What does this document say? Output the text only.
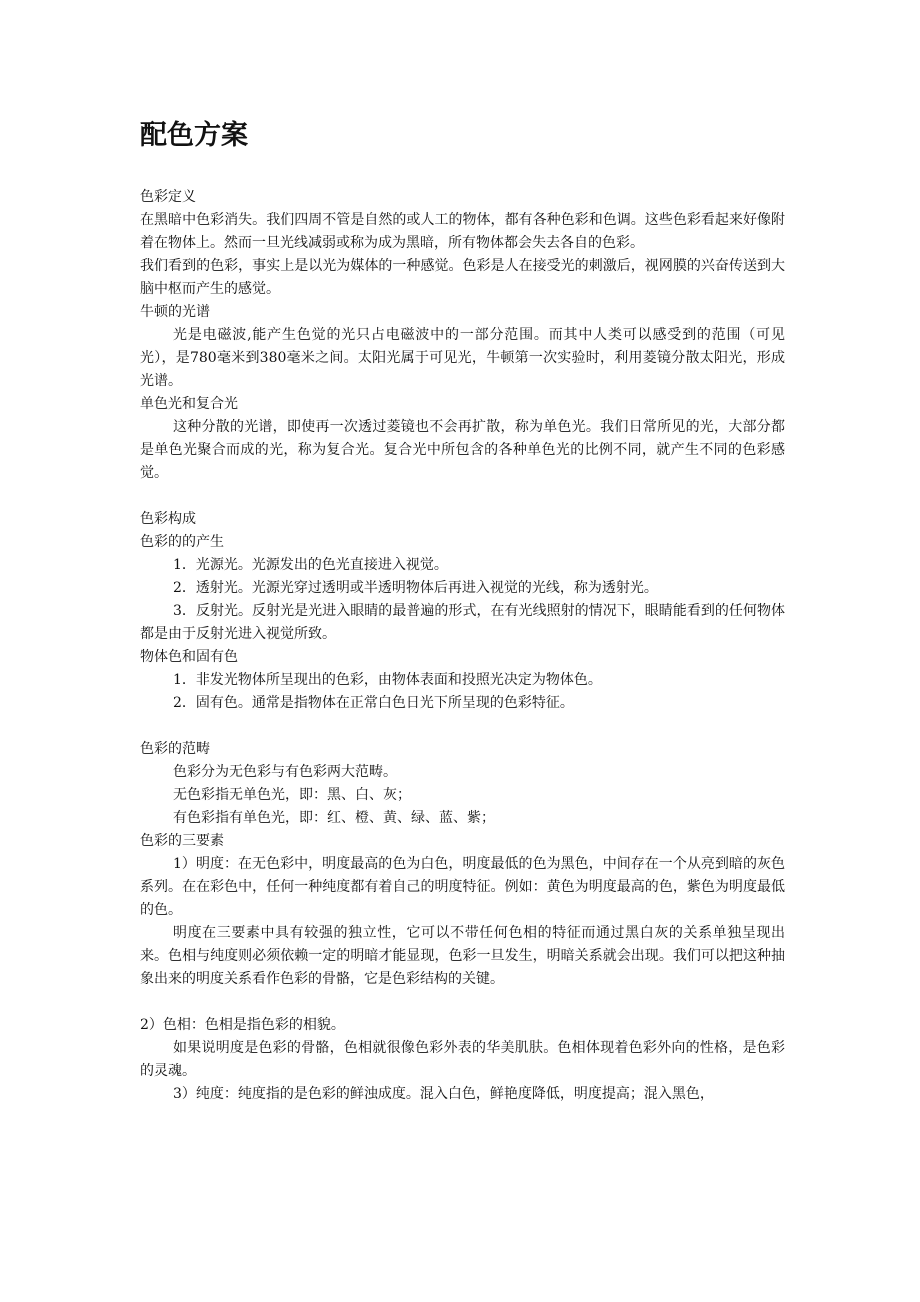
配色方案

色彩定义

在黑暗中色彩消失。我们四周不管是自然的或人工的物体，都有各种色彩和色调。这些色彩看起来好像附着在物体上。然而一旦光线减弱或称为成为黑暗，所有物体都会失去各自的色彩。

我们看到的色彩，事实上是以光为媒体的一种感觉。色彩是人在接受光的刺激后，视网膜的兴奋传送到大脑中枢而产生的感觉。

牛顿的光谱

光是电磁波,能产生色觉的光只占电磁波中的一部分范围。而其中人类可以感受到的范围（可见光），是780毫米到380毫米之间。太阳光属于可见光，牛顿第一次实验时，利用菱镜分散太阳光，形成光谱。

单色光和复合光

这种分散的光谱，即使再一次透过菱镜也不会再扩散，称为单色光。我们日常所见的光，大部分都是单色光聚合而成的光，称为复合光。复合光中所包含的各种单色光的比例不同，就产生不同的色彩感觉。

色彩构成

色彩的的产生

1．光源光。光源发出的色光直接进入视觉。

2．透射光。光源光穿过透明或半透明物体后再进入视觉的光线，称为透射光。

3．反射光。反射光是光进入眼睛的最普遍的形式，在有光线照射的情况下，眼睛能看到的任何物体都是由于反射光进入视觉所致。

物体色和固有色

1．非发光物体所呈现出的色彩，由物体表面和投照光决定为物体色。

2．固有色。通常是指物体在正常白色日光下所呈现的色彩特征。

色彩的范畴

色彩分为无色彩与有色彩两大范畴。

无色彩指无单色光，即：黑、白、灰；

有色彩指有单色光，即：红、橙、黄、绿、蓝、紫；

色彩的三要素

1）明度：在无色彩中，明度最高的色为白色，明度最低的色为黑色，中间存在一个从亮到暗的灰色系列。在在彩色中，任何一种纯度都有着自己的明度特征。例如：黄色为明度最高的色，紫色为明度最低的色。

明度在三要素中具有较强的独立性，它可以不带任何色相的特征而通过黑白灰的关系单独呈现出来。色相与纯度则必须依赖一定的明暗才能显现，色彩一旦发生，明暗关系就会出现。我们可以把这种抽象出来的明度关系看作色彩的骨骼，它是色彩结构的关键。

2）色相：色相是指色彩的相貌。

如果说明度是色彩的骨骼，色相就很像色彩外表的华美肌肤。色相体现着色彩外向的性格，是色彩的灵魂。

3）纯度：纯度指的是色彩的鲜浊成度。混入白色，鲜艳度降低，明度提高；混入黑色，
